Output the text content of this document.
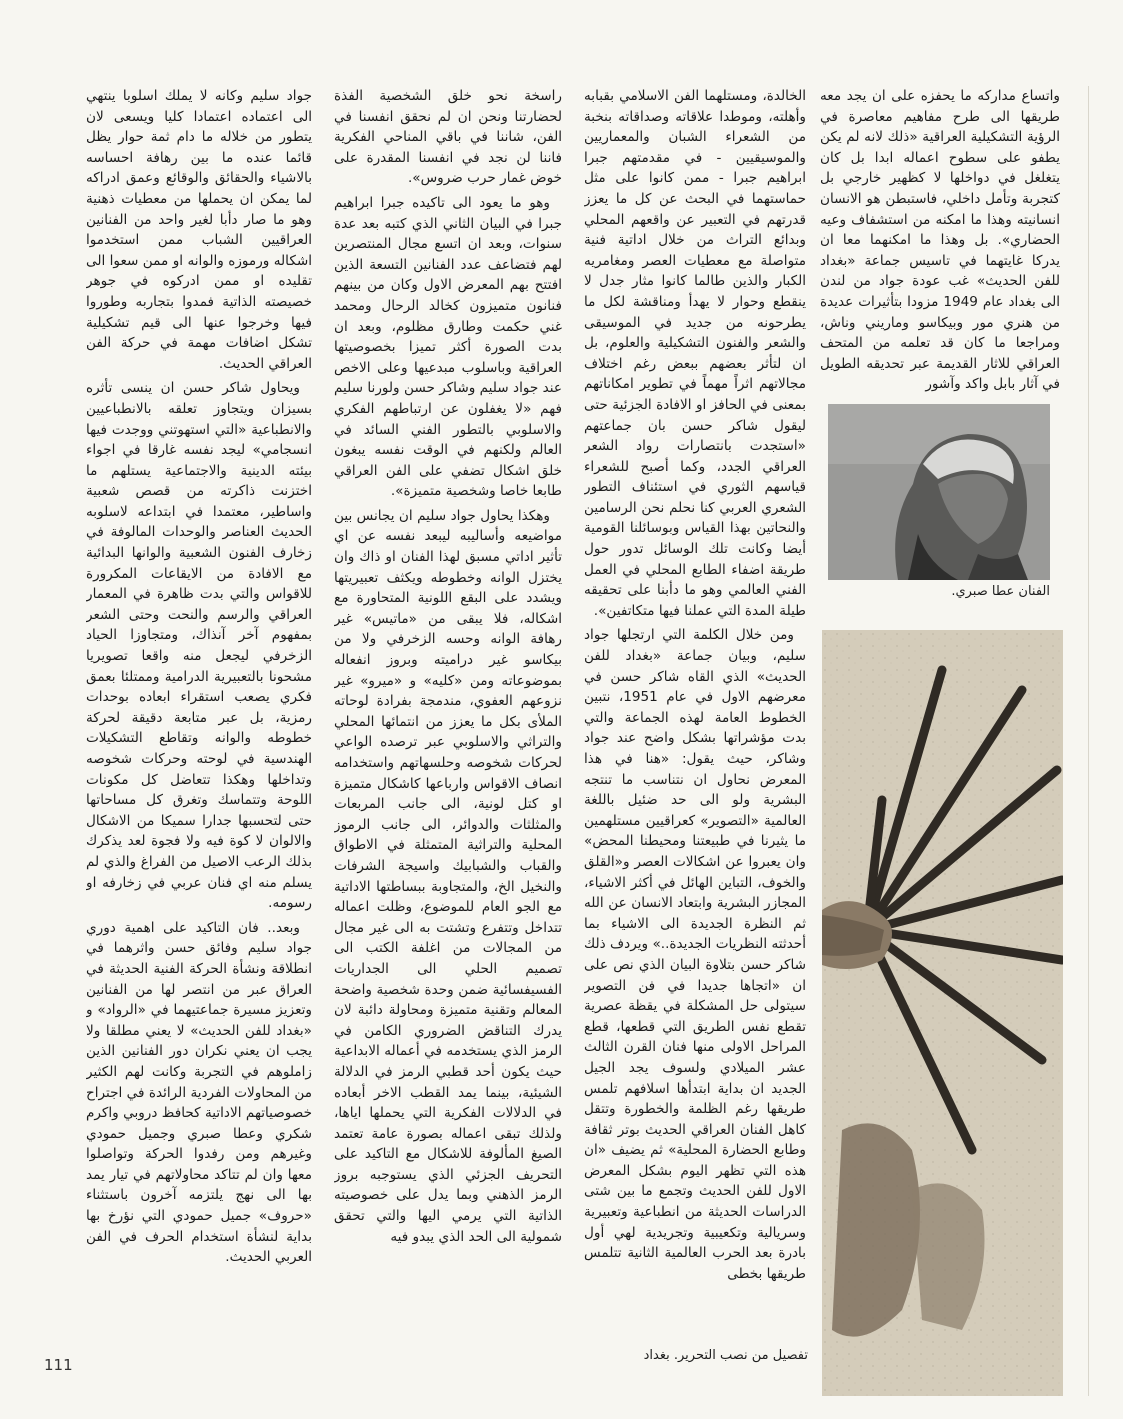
واتساع مداركه ما يحفزه على ان يجد معه طريقها الى طرح مفاهيم معاصرة في الرؤية التشكيلية العراقية «ذلك لانه لم يكن يطفو على سطوح اعماله ابدا بل كان يتغلغل في دواخلها لا كظهير خارجي بل كتجربة وتأمل داخلي، فاستبطن هو الانسان انسانيته وهذا ما امكنه من استشفاف وعيه الحضاري». بل وهذا ما امكنهما معا ان يدركا غايتهما في تاسيس جماعة «بغداد للفن الحديث» غب عودة جواد من لندن الى بغداد عام 1949 مزودا بتأثيرات عديدة من هنري مور وبيكاسو وماريني وناش، ومراجعا ما كان قد تعلمه من المتحف العراقي للاثار القديمة عبر تحديقه الطويل في آثار بابل واكد وآشور

الفنان عطا صبري.

الخالدة، ومستلهما الفن الاسلامي بقبابه وأهلته، وموطدا علاقاته وصداقاته بنخبة من الشعراء الشبان والمعماريين والموسيقيين - في مقدمتهم جبرا ابراهيم جبرا - ممن كانوا على مثل حماستهما في البحث عن كل ما يعزز قدرتهم في التعبير عن واقعهم المحلي وبدائع التراث من خلال اداتية فنية متواصلة مع معطيات العصر ومغامريه الكبار والذين طالما كانوا مثار جدل لا ينقطع وحوار لا يهدأ ومناقشة لكل ما يطرحونه من جديد في الموسيقى والشعر والفنون التشكيلية والعلوم، بل ان لتأثر بعضهم ببعض رغم اختلاف مجالاتهم اثراً مهماً في تطوير امكاناتهم بمعنى في الحافز او الافادة الجزئية حتى ليقول شاكر حسن بان جماعتهم «استجدت بانتصارات رواد الشعر العراقي الجدد، وكما أصبح للشعراء قياسهم الثوري في استئناف التطور الشعري العربي كنا نحلم نحن الرسامين والنحاتين بهذا القياس وبوسائلنا القومية أيضا وكانت تلك الوسائل تدور حول طريقة اضفاء الطابع المحلي في العمل الفني العالمي وهو ما دأبنا على تحقيقه طيلة المدة التي عملنا فيها متكاتفين».

ومن خلال الكلمة التي ارتجلها جواد سليم، وبيان جماعة «بغداد للفن الحديث» الذي القاه شاكر حسن في معرضهم الاول في عام 1951، نتبين الخطوط العامة لهذه الجماعة والتي بدت مؤشراتها بشكل واضح عند جواد وشاكر، حيث يقول: «هنا في هذا المعرض نحاول ان نتناسب ما تنتجه البشرية ولو الى حد ضئيل باللغة العالمية «التصوير» كعراقيين مستلهمين ما يثيرنا في طبيعتنا ومحيطنا المحض» وان يعبروا عن اشكالات العصر و«القلق والخوف، التباين الهائل في أكثر الاشياء، المجازر البشرية وابتعاد الانسان عن الله ثم النظرة الجديدة الى الاشياء بما أحدثته النظريات الجديدة..» ويردف ذلك شاكر حسن بتلاوة البيان الذي نص على ان «اتجاها جديدا في فن التصوير سيتولى حل المشكلة في يقظة عصرية تقطع نفس الطريق التي قطعها، قطع المراحل الاولى منها فنان القرن الثالث عشر الميلادي ولسوف يجد الجيل الجديد ان بداية ابتدأها اسلافهم تلمس طريقها رغم الظلمة والخطورة وتتقل كاهل الفنان العراقي الحديث بوتر ثقافة وطابع الحضارة المحلية» ثم يضيف «ان هذه التي تظهر اليوم بشكل المعرض الاول للفن الحديث وتجمع ما بين شتى الدراسات الحديثة من انطباعية وتعبيرية وسريالية وتكعيبية وتجريدية لهي أول بادرة بعد الحرب العالمية الثانية تتلمس طريقها بخطى

راسخة نحو خلق الشخصية الفذة لحضارتنا ونحن ان لم نحقق انفسنا في الفن، شاننا في باقي المناحي الفكرية فاننا لن نجد في انفسنا المقدرة على خوض غمار حرب ضروس».

وهو ما يعود الى تاكيده جبرا ابراهيم جبرا في البيان الثاني الذي كتبه بعد عدة سنوات، وبعد ان اتسع مجال المنتصرين لهم فتضاعف عدد الفنانين التسعة الذين افتتح بهم المعرض الاول وكان من بينهم فنانون متميزون كخالد الرحال ومحمد غني حكمت وطارق مظلوم، وبعد ان بدت الصورة أكثر تميزا بخصوصيتها العراقية وباسلوب مبدعيها وعلى الاخص عند جواد سليم وشاكر حسن ولورنا سليم فهم «لا يغفلون عن ارتباطهم الفكري والاسلوبي بالتطور الفني السائد في العالم ولكنهم في الوقت نفسه يبغون خلق اشكال تضفي على الفن العراقي طابعا خاصا وشخصية متميزة».

وهكذا يحاول جواد سليم ان يجانس بين مواضيعه وأساليبه ليبعد نفسه عن اي تأثير اداتي مسبق لهذا الفنان او ذاك وان يختزل الوانه وخطوطه ويكثف تعبيريتها ويشدد على البقع اللونية المتحاورة مع اشكاله، فلا يبقى من «ماتيس» غير رهافة الوانه وحسه الزخرفي ولا من بيكاسو غير دراميته وبروز انفعاله بموضوعاته ومن «كليه» و «ميرو» غير نزوعهم العفوي، مندمجة بفرادة لوحاته الملأى بكل ما يعزز من انتمائها المحلي والتراثي والاسلوبي عبر ترصده الواعي لحركات شخوصه وحلسهاتهم واستخدامه انصاف الاقواس وارباعها كاشكال متميزة او كتل لونية، الى جانب المربعات والمثلثات والدوائر، الى جانب الرموز المحلية والتراثية المتمثلة في الاطواق والقباب والشبابيك واسيجة الشرفات والنخيل الخ، والمتجاوبة ببساطتها الاداتية مع الجو العام للموضوع، وظلت اعماله تتداخل وتتفرع وتشتت به الى غير مجال من المجالات من اغلفة الكتب الى تصميم الحلي الى الجداريات الفسيفسائية ضمن وحدة شخصية واضحة المعالم وتقنية متميزة ومحاولة دائبة لان يدرك التناقض الضروري الكامن في الرمز الذي يستخدمه في أعماله الابداعية حيث يكون أحد قطبي الرمز في الدلالة الشيئية، بينما يمد القطب الاخر أبعاده في الدلالات الفكرية التي يحملها اياها، ولذلك تبقى اعماله بصورة عامة تعتمد الصيغ المألوفة للاشكال مع التاكيد على التحريف الجزئي الذي يستوجبه بروز الرمز الذهني وبما يدل على خصوصيته الذاتية التي يرمي اليها والتي تحقق شمولية الى الحد الذي يبدو فيه

جواد سليم وكانه لا يملك اسلوبا ينتهي الى اعتماده اعتمادا كليا ويسعى لان يتطور من خلاله ما دام ثمة حوار يظل قائما عنده ما بين رهافة احساسه بالاشياء والحقائق والوقائع وعمق ادراكه لما يمكن ان يحملها من معطيات ذهنية وهو ما صار دأبا لغير واحد من الفنانين العراقيين الشباب ممن استخدموا اشكاله ورموزه والوانه او ممن سعوا الى تقليده او ممن ادركوه في جوهر خصيصته الذاتية فمدوا بتجاربه وطوروا فيها وخرجوا عنها الى قيم تشكيلية تشكل اضافات مهمة في حركة الفن العراقي الحديث.

ويحاول شاكر حسن ان ينسى تأثره بسيزان ويتجاوز تعلقه بالانطباعيين والانطباعية «التي استهوتني ووجدت فيها انسجامي» ليجد نفسه غارقا في اجواء بيئته الدينية والاجتماعية يستلهم ما اختزنت ذاكرته من قصص شعبية واساطير، معتمدا في ابتداعه لاسلوبه الحديث العناصر والوحدات المالوفة في زخارف الفنون الشعبية والوانها البدائية مع الافادة من الايقاعات المكرورة للاقواس والتي بدت ظاهرة في المعمار العراقي والرسم والنحت وحتى الشعر بمفهوم آخر آنذاك، ومتجاوزا الحياد الزخرفي ليجعل منه واقعا تصويريا مشحونا بالتعبيرية الدرامية وممتلئا بعمق فكري يصعب استقراء ابعاده بوحدات رمزية، بل عبر متابعة دقيقة لحركة خطوطه والوانه وتقاطع التشكيلات الهندسية في لوحته وحركات شخوصه وتداخلها وهكذا تتعاضل كل مكونات اللوحة وتتماسك وتغرق كل مساحاتها حتى لتحسبها جدارا سميكا من الاشكال والالوان لا كوة فيه ولا فجوة لعد يذكرك بذلك الرعب الاصيل من الفراغ والذي لم يسلم منه اي فنان عربي في زخارفه او رسومه.

وبعد.. فان التاكيد على اهمية دوري جواد سليم وفائق حسن واثرهما في انطلاقة ونشأة الحركة الفنية الحديثة في العراق عبر من انتصر لها من الفنانين وتعزيز مسيرة جماعتيهما في «الرواد» و «بغداد للفن الحديث» لا يعني مطلقا ولا يجب ان يعني نكران دور الفنانين الذين زاملوهم في التجربة وكانت لهم الكثير من المحاولات الفردية الرائدة في اجتراح خصوصياتهم الاداتية كحافظ دروبي واكرم شكري وعطا صبري وجميل حمودي وغيرهم ومن رفدوا الحركة وتواصلوا معها وان لم تتاكد محاولاتهم في تيار يمد بها الى نهج يلتزمه آخرون باستثناء «حروف» جميل حمودي التي نؤرخ بها بداية لنشأة استخدام الحرف في الفن العربي الحديث.

تفصيل من نصب التحرير. بغداد
111
